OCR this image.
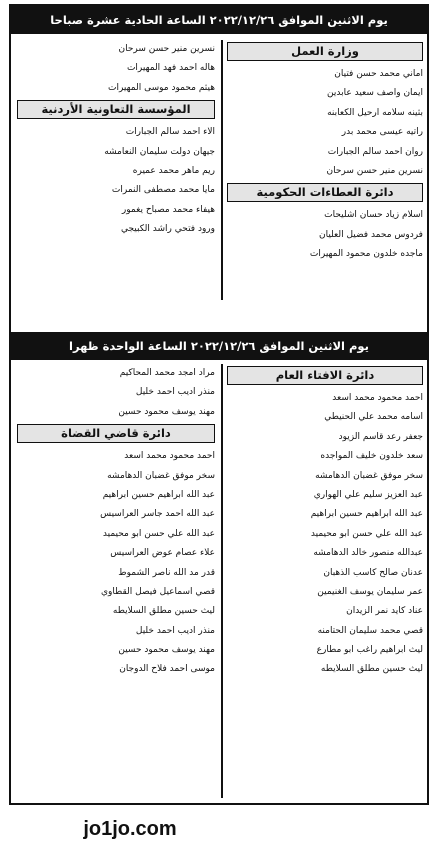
يوم الاثنين الموافق ٢٠٢٢/١٢/٢٦ الساعة الحادية عشرة صباحا
وزارة العمل
اماني محمد حسن فتيان
ايمان واصف سعيد عابدين
بثينه سلامه ارحيل الكعابنه
راتيه عيسى محمد بدر
روان احمد سالم الجبارات
نسرين منير حسن سرحان
دائرة العطاءات الحكومية
اسلام زياد حسان اشليحات
فردوس محمد فضيل العليان
ماجده خلدون محمود المهيرات
نسرين منير حسن سرحان
هاله احمد فهد المهيرات
هيثم محمود موسى المهيرات
المؤسسة التعاونية الأردنية
الاء احمد سالم الجبارات
جيهان دولت سليمان النعامشه
ريم ماهر محمد عميره
مايا محمد مصطفى النمرات
هيفاء محمد مصباح يغمور
ورود فتحي راشد الكبيجي
يوم الاثنين الموافق ٢٠٢٢/١٢/٢٦ الساعة الواحدة ظهرا
دائرة الافتاء العام
احمد محمود محمد اسعد
اسامه محمد علي الحنيطي
جعفر رعد قاسم الزيود
سعد خلدون خليف المواجده
سخر موفق غضبان الدهامشه
عبد العزيز سليم علي الهواري
عبد الله ابراهيم حسين ابراهيم
عبد الله علي حسن ابو محيميد
عبدالله منصور خالد الدهامشه
عدنان صالح كاسب الذهبان
عمر سليمان يوسف الغنيمين
عناد كايد نمر الزيدان
قصي محمد سليمان الحتامنه
ليث ابراهيم راغب ابو مطارع
ليث حسين مطلق السلايطه
مراد امجد محمد المحاكيم
منذر اديب احمد خليل
مهند يوسف محمود حسين
دائرة قاضي القضاة
احمد محمود محمد اسعد
سخر موفق غضبان الدهامشه
عبد الله ابراهيم حسين ابراهيم
عبد الله احمد جاسر العراسيس
عبد الله علي حسن ابو محيميد
علاء عصام عوض العراسيس
قدر مد الله ناصر الشموط
قصي اسماعيل فيصل القطاوي
ليث حسين مطلق السلايطه
منذر اديب احمد خليل
مهند يوسف محمود حسين
موسى احمد فلاح الدوجان
jo1jo.com
